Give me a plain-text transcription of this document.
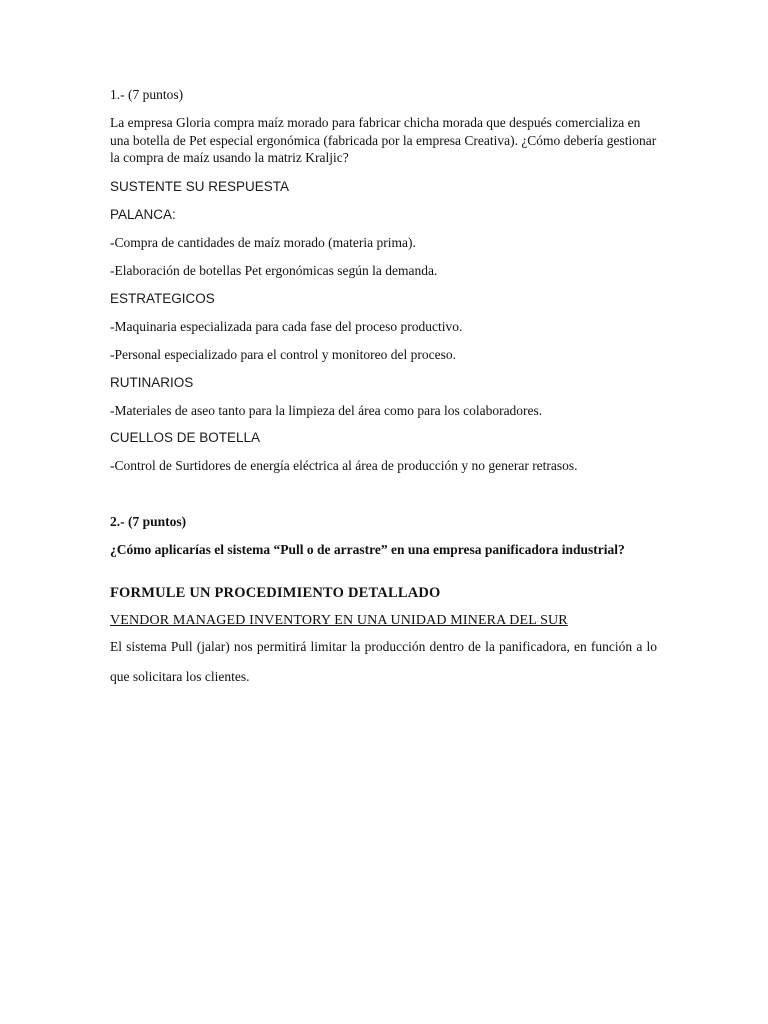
1.- (7 puntos)

La empresa Gloria compra maíz morado para fabricar chicha morada que después comercializa en una botella de Pet especial ergonómica (fabricada por la empresa Creativa). ¿Cómo debería gestionar la compra de maíz usando la matriz Kraljic?

SUSTENTE SU RESPUESTA

PALANCA:

-Compra de cantidades de maíz morado (materia prima).

-Elaboración de botellas Pet ergonómicas según la demanda.

ESTRATEGICOS

-Maquinaria especializada para cada fase del proceso productivo.

-Personal especializado para el control y monitoreo del proceso.

RUTINARIOS

-Materiales de aseo tanto para la limpieza del área como para los colaboradores.

CUELLOS DE BOTELLA

-Control de Surtidores de energía eléctrica al área de producción y no generar retrasos.

2.- (7 puntos)

¿Cómo aplicarías el sistema “Pull o de arrastre” en una empresa panificadora industrial?

FORMULE UN PROCEDIMIENTO DETALLADO

VENDOR MANAGED INVENTORY EN UNA UNIDAD MINERA DEL SUR

El sistema Pull (jalar) nos permitirá limitar la producción dentro de la panificadora, en función a lo que solicitara los clientes.
